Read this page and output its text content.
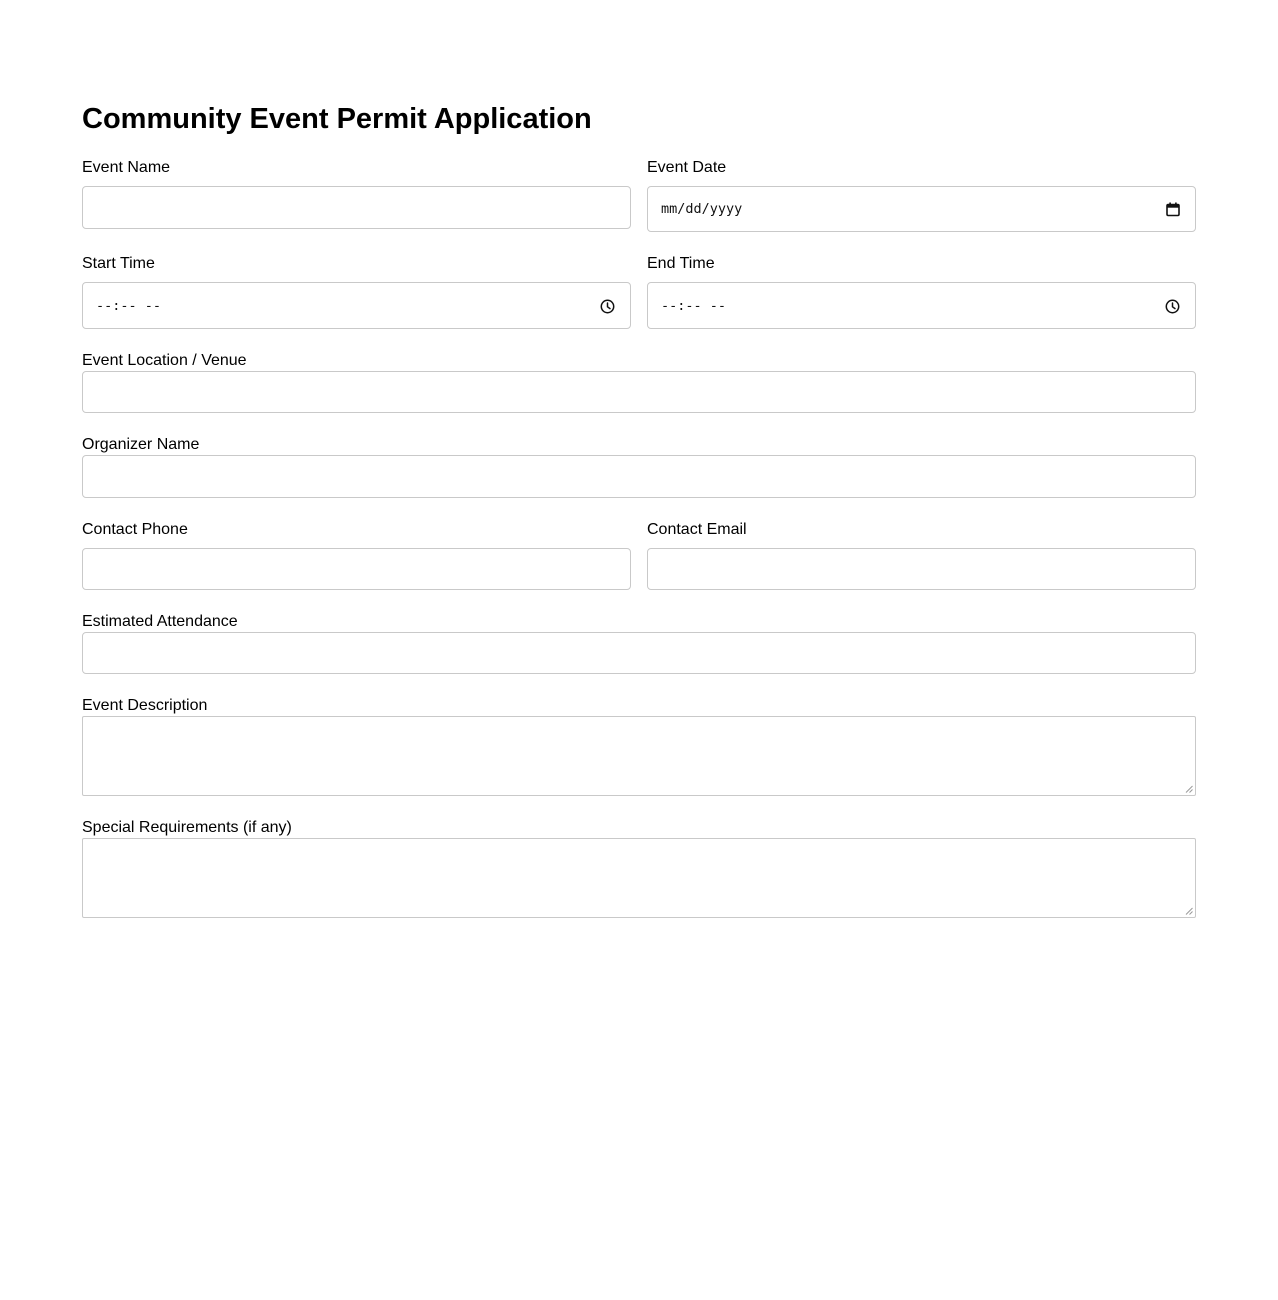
Community Event Permit Application
Event Name	Event Date
mm/dd/yyyy
Start Time
--:-- --
End Time
--:-- --
Event Location / Venue
Organizer Name
Contact Phone	Contact Email
Estimated Attendance
Event Description
Special Requirements (if any)
